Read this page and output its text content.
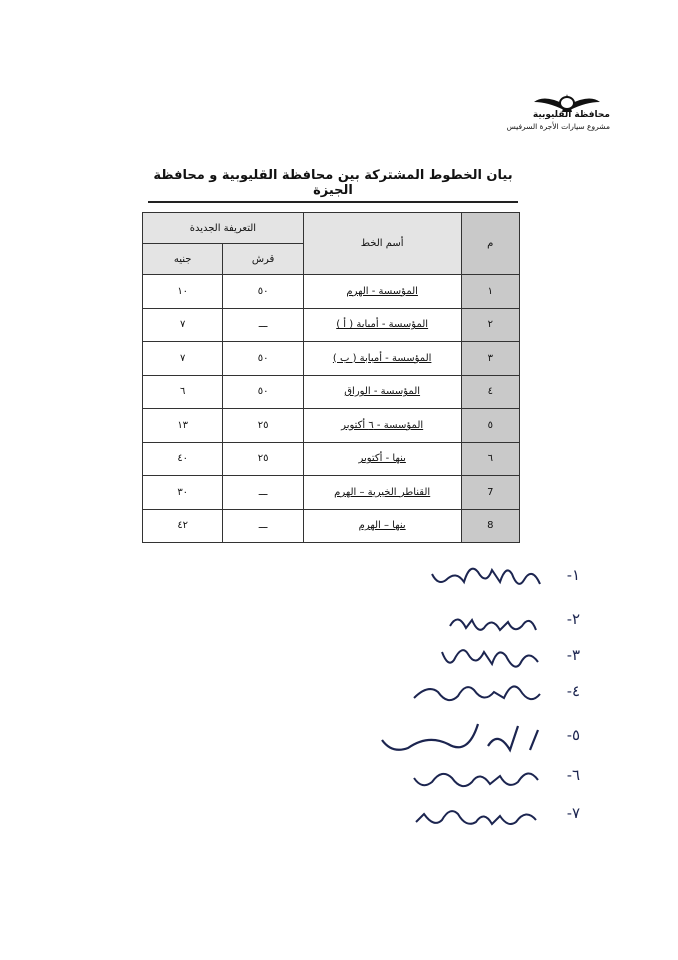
محافظة القليوبية
مشروع سيارات الأجرة السرفيس
بيان الخطوط المشتركة بين محافظة القليوبية و محافظة الجيزة
م	أسم الخط	التعريفة الجديدة	
		قرش	جنيه
١	المؤسسة - الهرم	٥٠	١٠
٢	المؤسسة - أمبابة ( أ )	ـــ	٧
٣	المؤسسة - أمبابة ( ب )	٥٠	٧
٤	المؤسسة - الوراق	٥٠	٦
٥	المؤسسة - ٦ أكتوبر	٢٥	١٣
٦	بنها - أكتوبر	٢٥	٤٠
7	القناطر الخيرية – الهرم	ـــ	٣٠
8	بنها – الهرم	ـــ	٤٢
١-
٢-
٣-
٤-
٥-
٦-
٧-
